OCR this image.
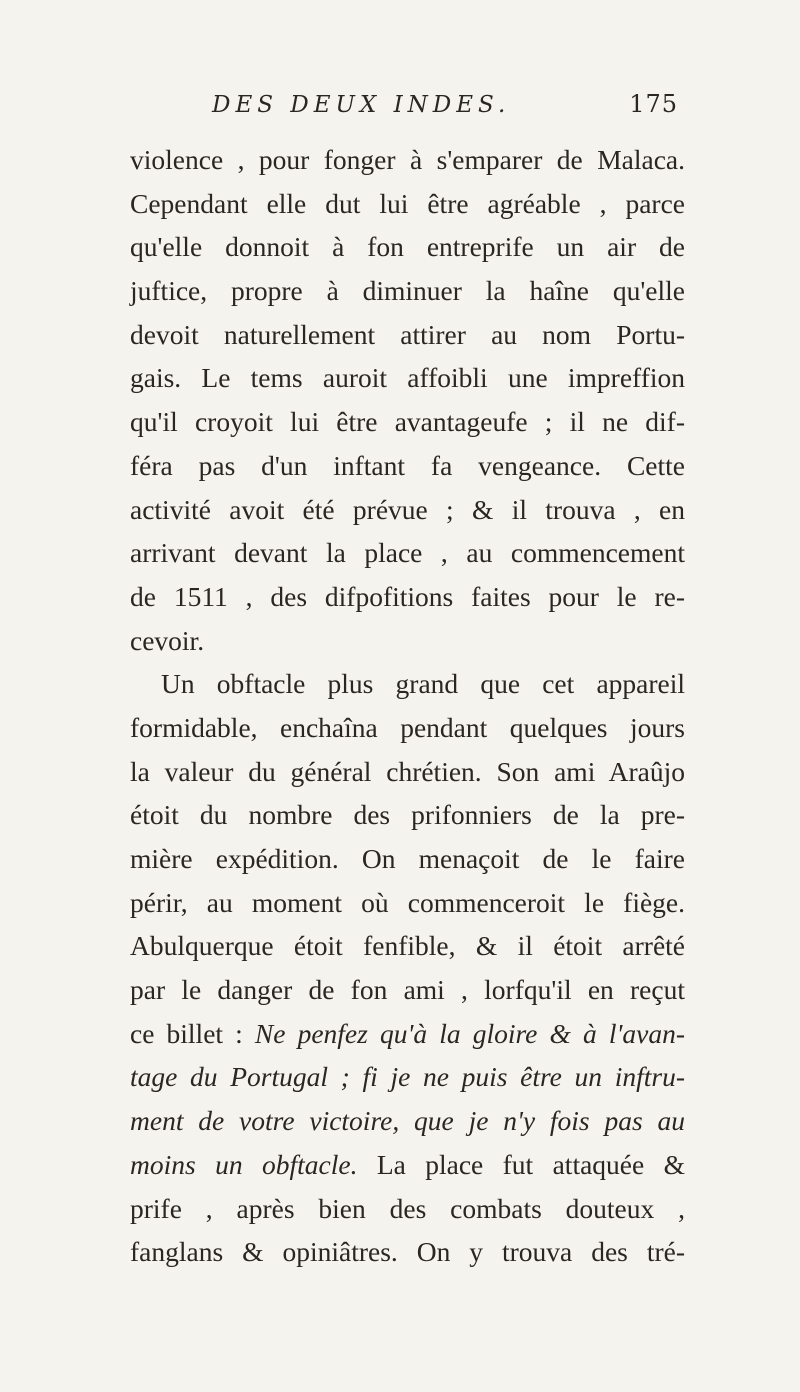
DES DEUX INDES.	175
violence , pour fonger à s'emparer de Malaca.
Cependant elle dut lui être agréable , parce
qu'elle donnoit à fon entreprife un air de
juftice, propre à diminuer la haîne qu'elle
devoit naturellement attirer au nom Portu-
gais. Le tems auroit affoibli une impreffion
qu'il croyoit lui être avantageufe ; il ne dif-
féra pas d'un inftant fa vengeance. Cette
activité avoit été prévue ; & il trouva , en
arrivant devant la place , au commencement
de 1511 , des difpofitions faites pour le re-
cevoir.
Un obftacle plus grand que cet appareil
formidable, enchaîna pendant quelques jours
la valeur du général chrétien. Son ami Araûjo
étoit du nombre des prifonniers de la pre-
mière expédition. On menaçoit de le faire
périr, au moment où commenceroit le fiège.
Abulquerque étoit fenfible, & il étoit arrêté
par le danger de fon ami , lorfqu'il en reçut
ce billet : Ne penfez qu'à la gloire & à l'avan-
tage du Portugal ; fi je ne puis être un inftru-
ment de votre victoire, que je n'y fois pas au
moins un obftacle. La place fut attaquée &
prife , après bien des combats douteux ,
fanglans & opiniâtres. On y trouva des tré-
